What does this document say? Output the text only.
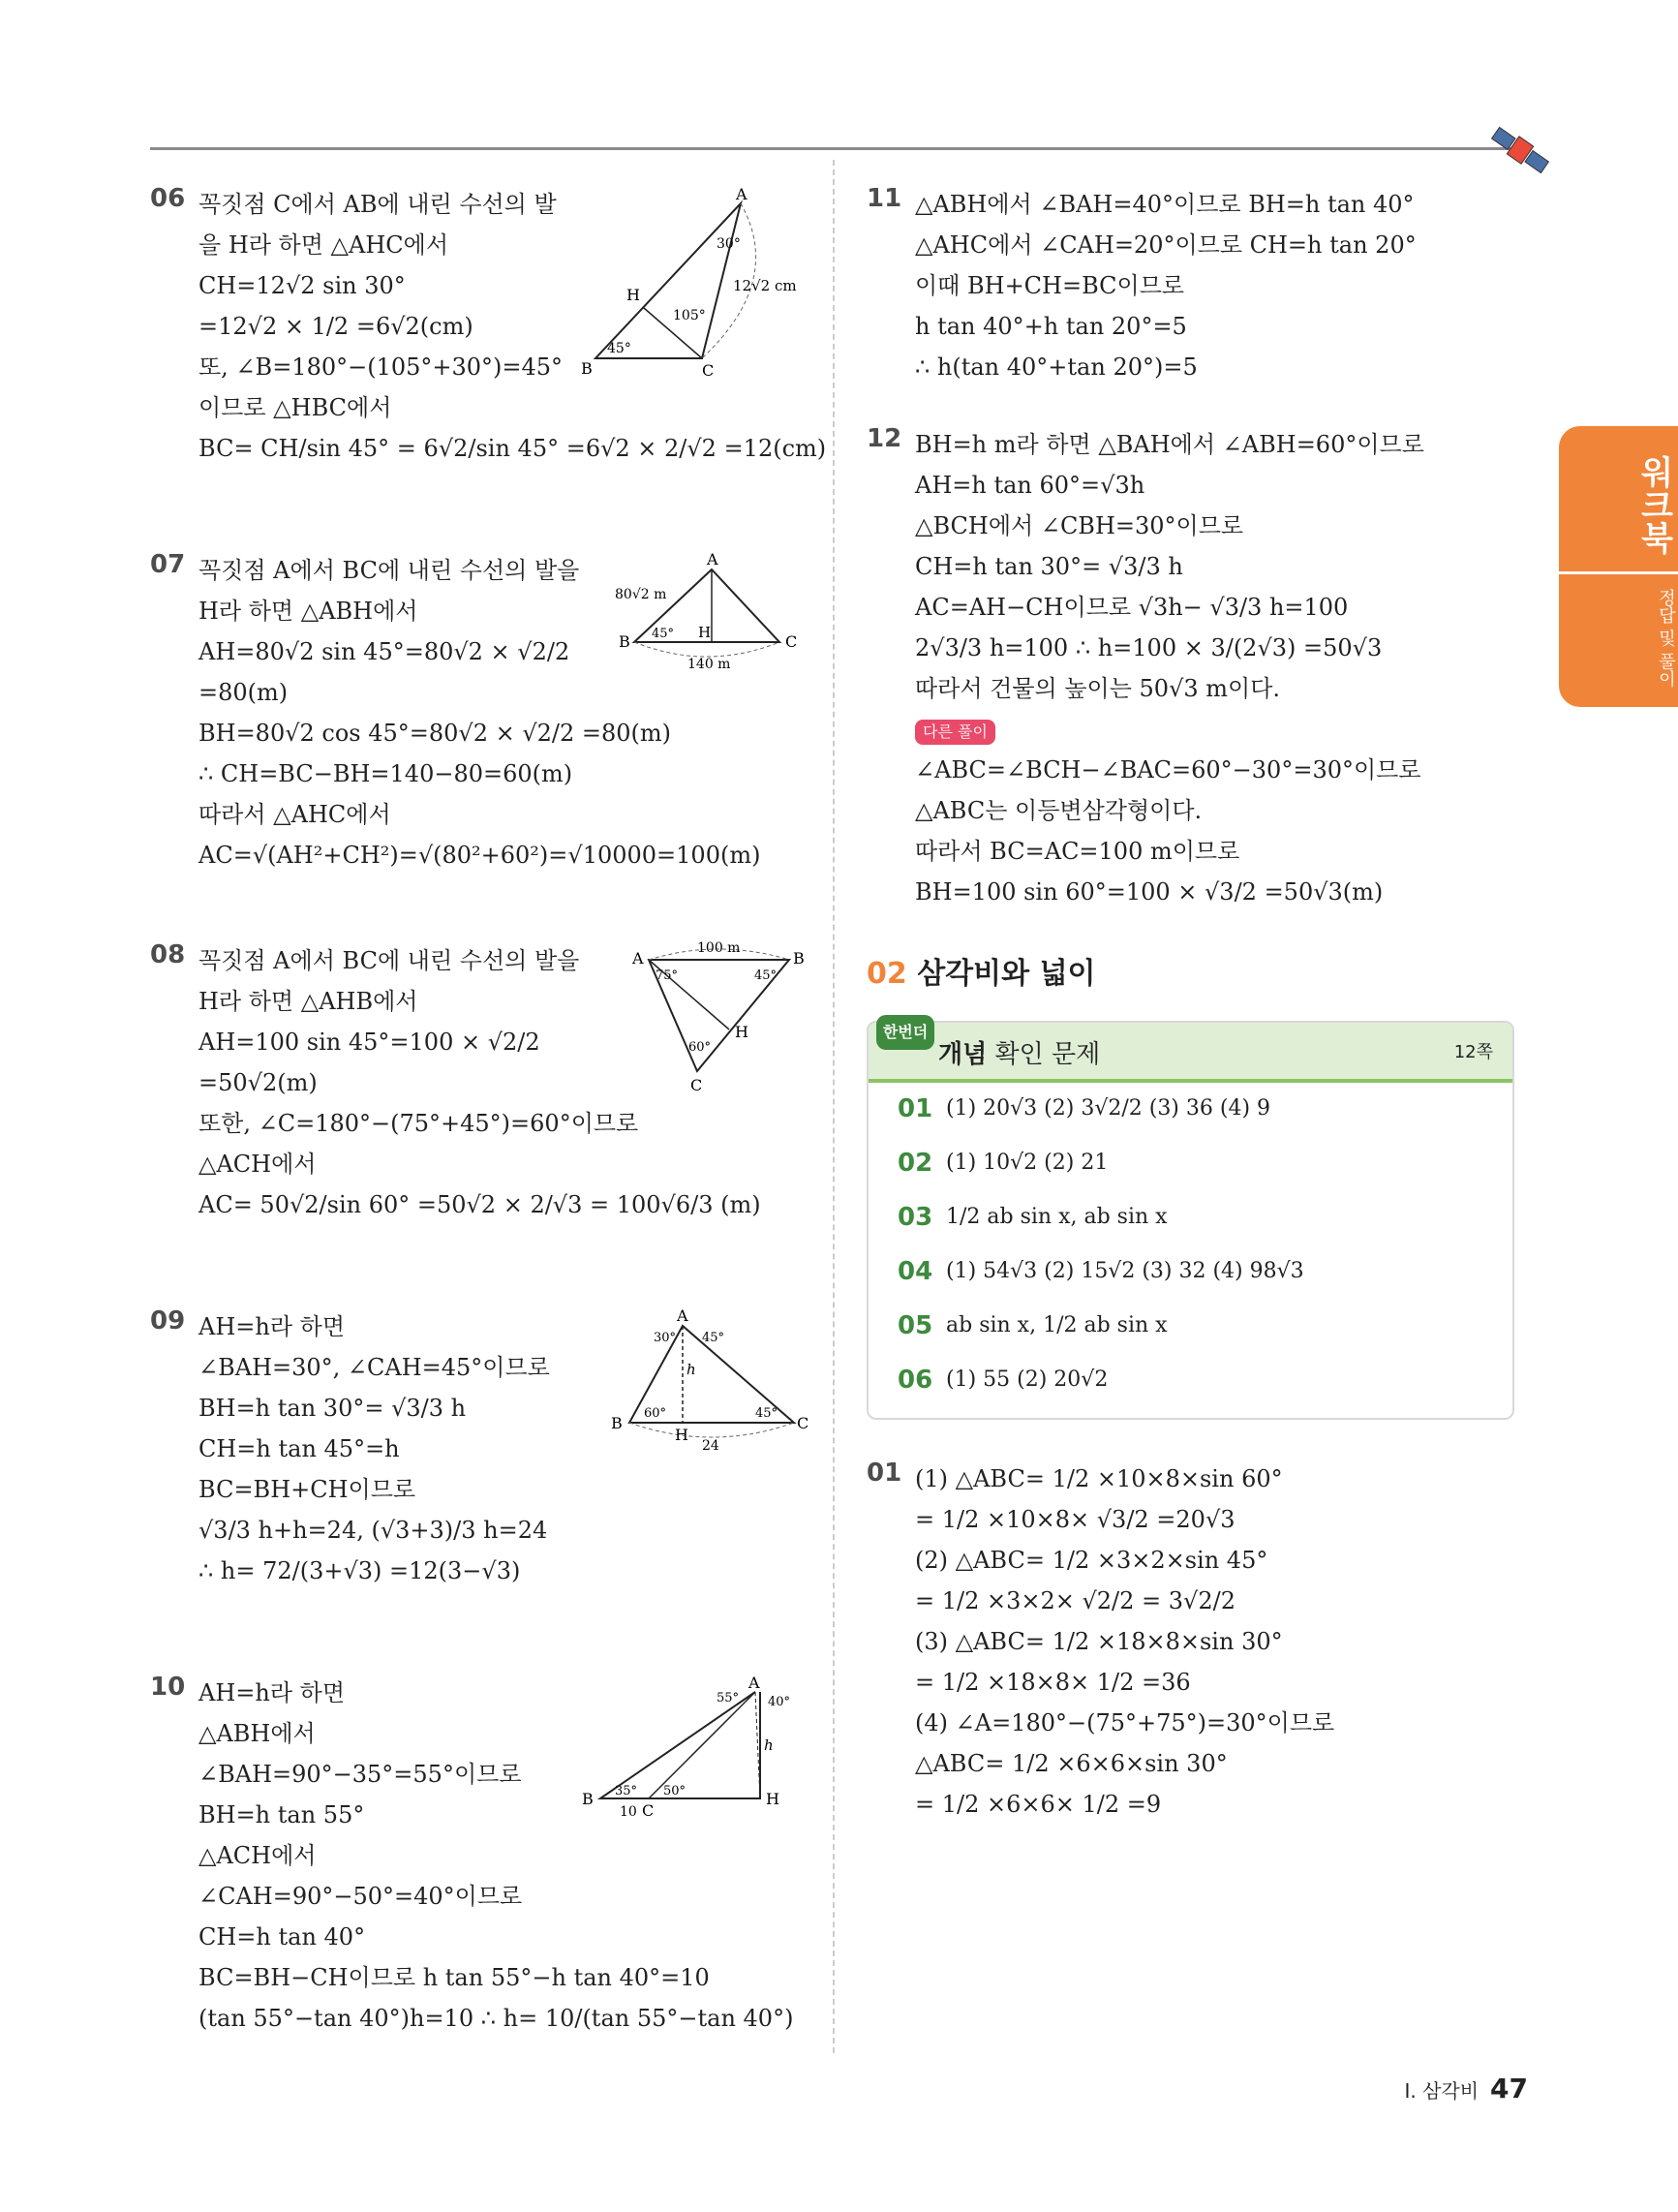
06 꼭짓점 C에서 AB에 내린 수선의 발
을 H라 하면 △AHC에서
CH=12√2 sin 30°
=12√2 × 1/2 =6√2(cm)
또, ∠B=180°−(105°+30°)=45°
이므로 △HBC에서
BC= CH/sin 45° = 6√2/sin 45° =6√2 × 2/√2 =12(cm)
A
B	C
H
30°
105°
45°
12√2 cm
07 꼭짓점 A에서 BC에 내린 수선의 발을
H라 하면 △ABH에서
AH=80√2 sin 45°=80√2 × √2/2
=80(m)
BH=80√2 cos 45°=80√2 × √2/2 =80(m)
∴ CH=BC−BH=140−80=60(m)
따라서 △AHC에서
AC=√(AH²+CH²)=√(80²+60²)=√10000=100(m)
A
B	C
H
80√2 m
45°
140 m
08 꼭짓점 A에서 BC에 내린 수선의 발을
H라 하면 △AHB에서
AH=100 sin 45°=100 × √2/2
=50√2(m)
또한, ∠C=180°−(75°+45°)=60°이므로
△ACH에서
AC= 50√2/sin 60° =50√2 × 2/√3 = 100√6/3 (m)
A	B
C
H
100 m
75°	45°
60°
09 AH=h라 하면
∠BAH=30°, ∠CAH=45°이므로
BH=h tan 30°= √3/3 h
CH=h tan 45°=h
BC=BH+CH이므로
√3/3 h+h=24, (√3+3)/3 h=24
∴ h= 72/(3+√3) =12(3−√3)
A
B	C
H
h
30° 45°
60°	45°
24
10 AH=h라 하면
△ABH에서
∠BAH=90°−35°=55°이므로
BH=h tan 55°
△ACH에서
∠CAH=90°−50°=40°이므로
CH=h tan 40°
BC=BH−CH이므로 h tan 55°−h tan 40°=10
(tan 55°−tan 40°)h=10 ∴ h= 10/(tan 55°−tan 40°)
A
B
C
H
h
55° 40°
35° 50°
10
11 △ABH에서 ∠BAH=40°이므로 BH=h tan 40°
△AHC에서 ∠CAH=20°이므로 CH=h tan 20°
이때 BH+CH=BC이므로
h tan 40°+h tan 20°=5
∴ h(tan 40°+tan 20°)=5
12 BH=h m라 하면 △BAH에서 ∠ABH=60°이므로
AH=h tan 60°=√3h
△BCH에서 ∠CBH=30°이므로
CH=h tan 30°= √3/3 h
AC=AH−CH이므로 √3h− √3/3 h=100
2√3/3 h=100 ∴ h=100 × 3/(2√3) =50√3
따라서 건물의 높이는 50√3 m이다.
다른 풀이
∠ABC=∠BCH−∠BAC=60°−30°=30°이므로
△ABC는 이등변삼각형이다.
따라서 BC=AC=100 m이므로
BH=100 sin 60°=100 × √3/2 =50√3(m)
02 삼각비와 넓이
한번더
개념 확인 문제	12쪽
01 (1) 20√3 (2) 3√2/2 (3) 36 (4) 9
02 (1) 10√2 (2) 21
03 1/2 ab sin x, ab sin x
04 (1) 54√3 (2) 15√2 (3) 32 (4) 98√3
05 ab sin x, 1/2 ab sin x
06 (1) 55 (2) 20√2
01 (1) △ABC= 1/2 ×10×8×sin 60°
= 1/2 ×10×8× √3/2 =20√3
(2) △ABC= 1/2 ×3×2×sin 45°
= 1/2 ×3×2× √2/2 = 3√2/2
(3) △ABC= 1/2 ×18×8×sin 30°
= 1/2 ×18×8× 1/2 =36
(4) ∠A=180°−(75°+75°)=30°이므로
△ABC= 1/2 ×6×6×sin 30°
= 1/2 ×6×6× 1/2 =9
워크북
정답 및 풀이
Ⅰ. 삼각비 47
